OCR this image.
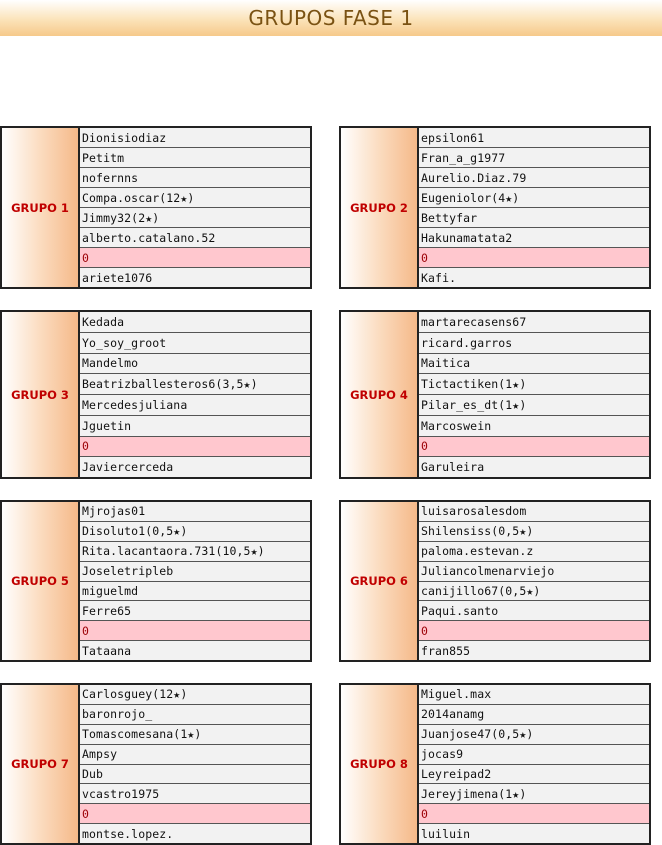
GRUPOS FASE 1
GRUPO 1
Dionisiodiaz
Petitm
nofernns
Compa.oscar(12★)
Jimmy32(2★)
alberto.catalano.52
0
ariete1076
GRUPO 2
epsilon61
Fran_a_g1977
Aurelio.Diaz.79
Eugeniolor(4★)
Bettyfar
Hakunamatata2
0
Kafi.
GRUPO 3
Kedada
Yo_soy_groot
Mandelmo
Beatrizballesteros6(3,5★)
Mercedesjuliana
Jguetin
0
Javiercerceda
GRUPO 4
martarecasens67
ricard.garros
Maitica
Tictactiken(1★)
Pilar_es_dt(1★)
Marcoswein
0
Garuleira
GRUPO 5
Mjrojas01
Disoluto1(0,5★)
Rita.lacantaora.731(10,5★)
Joseletripleb
miguelmd
Ferre65
0
Tataana
GRUPO 6
luisarosalesdom
Shilensiss(0,5★)
paloma.estevan.z
Juliancolmenarviejo
canijillo67(0,5★)
Paqui.santo
0
fran855
GRUPO 7
Carlosguey(12★)
baronrojo_
Tomascomesana(1★)
Ampsy
Dub
vcastro1975
0
montse.lopez.
GRUPO 8
Miguel.max
2014anamg
Juanjose47(0,5★)
jocas9
Leyreipad2
Jereyjimena(1★)
0
luiluin
